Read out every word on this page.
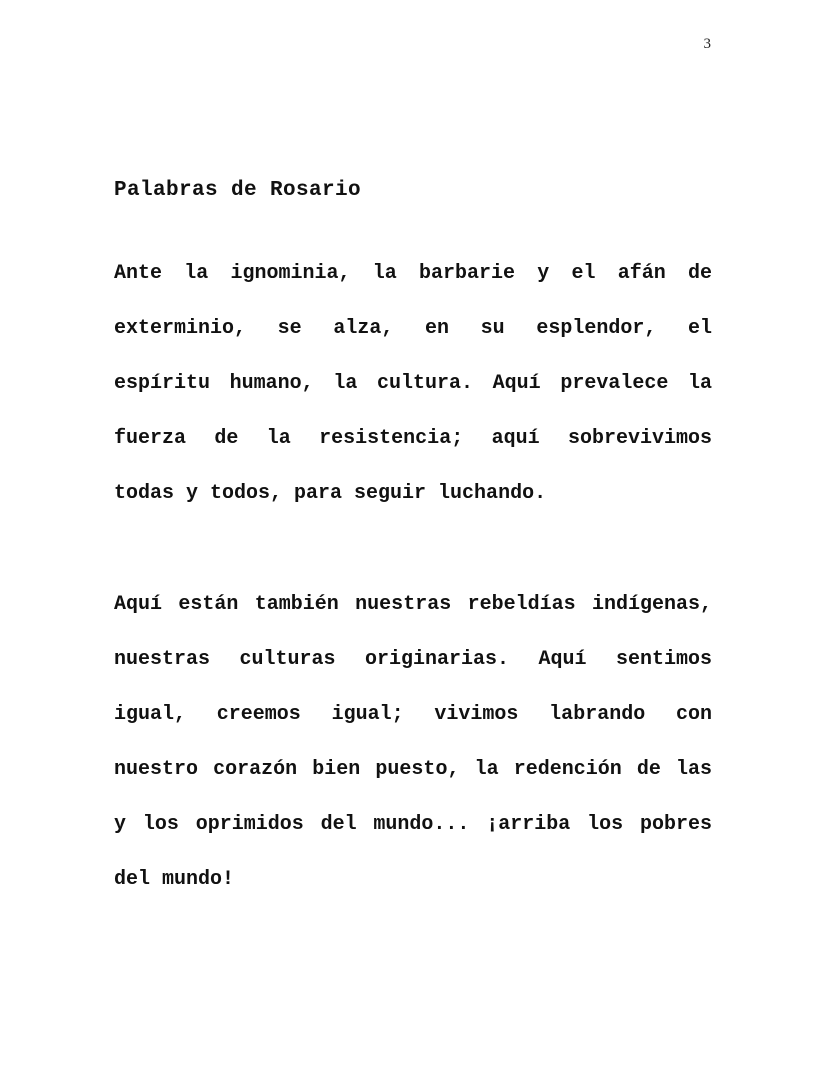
3
Palabras de Rosario
Ante la ignominia, la barbarie y el afán de
exterminio, se alza, en su esplendor, el
espíritu humano, la cultura. Aquí prevalece la
fuerza de la resistencia; aquí sobrevivimos
todas y todos, para seguir luchando.
Aquí están también nuestras rebeldías indígenas,
nuestras culturas originarias. Aquí sentimos
igual, creemos igual; vivimos labrando con
nuestro corazón bien puesto, la redención de las
y los oprimidos del mundo... ¡arriba los pobres
del mundo!
